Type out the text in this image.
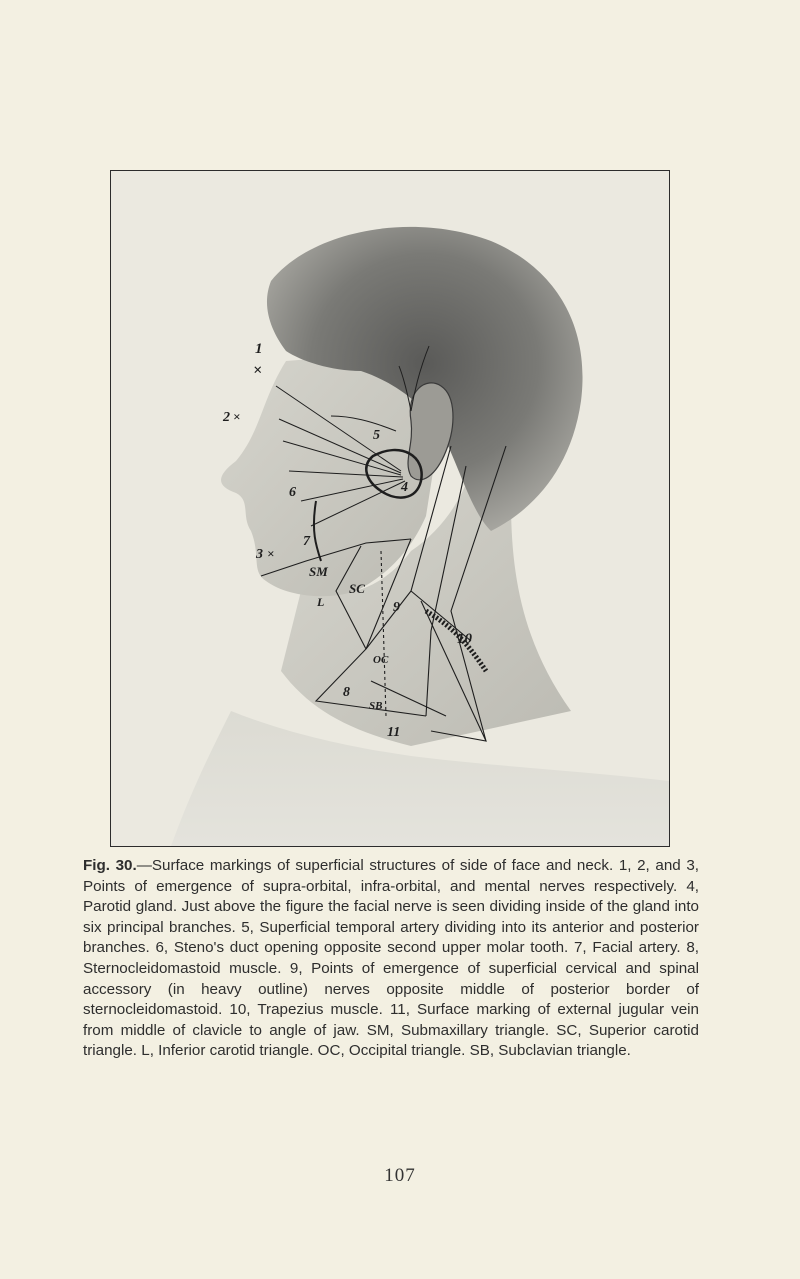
1
×
2 ×
3 ×
5
4
6
7
SM
SC
L	9
10
OC
8
SB
11
Fig. 30.—Surface markings of superficial structures of side of face and neck. 1, 2, and 3, Points of emergence of supra-orbital, infra-orbital, and mental nerves respectively. 4, Parotid gland. Just above the figure the facial nerve is seen dividing inside of the gland into six principal branches. 5, Superficial temporal artery dividing into its anterior and posterior branches. 6, Steno's duct opening opposite second upper molar tooth. 7, Facial artery. 8, Sternocleidomastoid muscle. 9, Points of emergence of superficial cervical and spinal accessory (in heavy outline) nerves opposite middle of posterior border of sternocleidomastoid. 10, Trapezius muscle. 11, Surface marking of external jugular vein from middle of clavicle to angle of jaw. SM, Submaxillary triangle. SC, Superior carotid triangle. L, Inferior carotid triangle. OC, Occipital triangle. SB, Subclavian triangle.
107
